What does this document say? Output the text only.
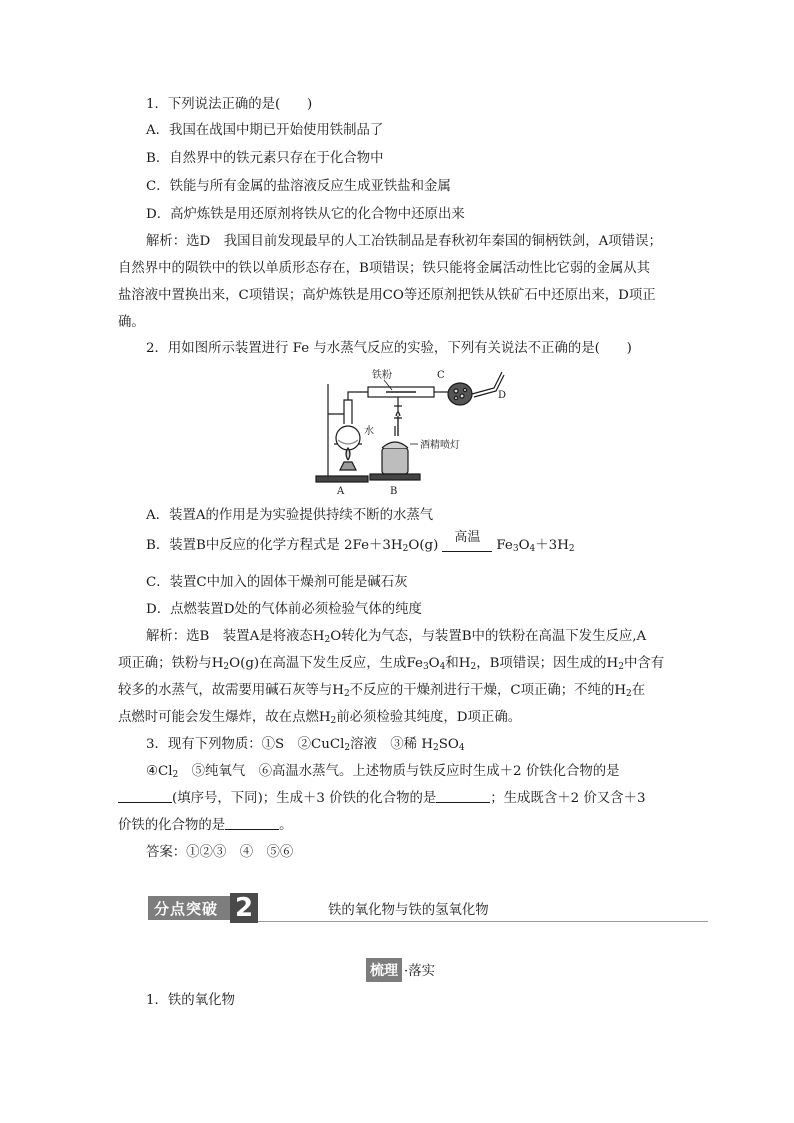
1．下列说法正确的是(　　)
A．我国在战国中期已开始使用铁制品了
B．自然界中的铁元素只存在于化合物中
C．铁能与所有金属的盐溶液反应生成亚铁盐和金属
D．高炉炼铁是用还原剂将铁从它的化合物中还原出来
解析：选D　我国目前发现最早的人工冶铁制品是春秋初年秦国的铜柄铁剑，A项错误；
自然界中的陨铁中的铁以单质形态存在，B项错误；铁只能将金属活动性比它弱的金属从其
盐溶液中置换出来，C项错误；高炉炼铁是用CO等还原剂把铁从铁矿石中还原出来，D项正
确。
2．用如图所示装置进行 Fe 与水蒸气反应的实验，下列有关说法不正确的是(　　)
铁粉	C
D
水
酒精喷灯
A	B
A．装置A的作用是为实验提供持续不断的水蒸气
B．装置B中反应的化学方程式是 $2Fe+3H_2O(g)$
高温
$Fe_3O_4+3H_2$
C．装置C中加入的固体干燥剂可能是碱石灰
D．点燃装置D处的气体前必须检验气体的纯度
解析：选B　装置A是将液态$H_2O$转化为气态，与装置B中的铁粉在高温下发生反应,A
项正确；铁粉与$H_2O(g)$在高温下发生反应，生成$Fe_3O_4$和$H_2$，B项错误；因生成的$H_2$中含有
较多的水蒸气，故需要用碱石灰等与$H_2$不反应的干燥剂进行干燥，C项正确；不纯的$H_2$在
点燃时可能会发生爆炸，故在点燃$H_2$前必须检验其纯度，D项正确。
3．现有下列物质：①S　②CuCl$_2$溶液　③稀 $H_2SO_4$
$④Cl_2$　⑤纯氧气　⑥高温水蒸气。上述物质与铁反应时生成＋2 价铁化合物的是
(填序号，下同)；生成＋3 价铁的化合物的是	；生成既含＋2 价又含＋3
价铁的化合物的是	。
答案：①②③　④　⑤⑥
分点突破 2	铁的氧化物与铁的氢氧化物
梳理 ·落实
1．铁的氧化物
